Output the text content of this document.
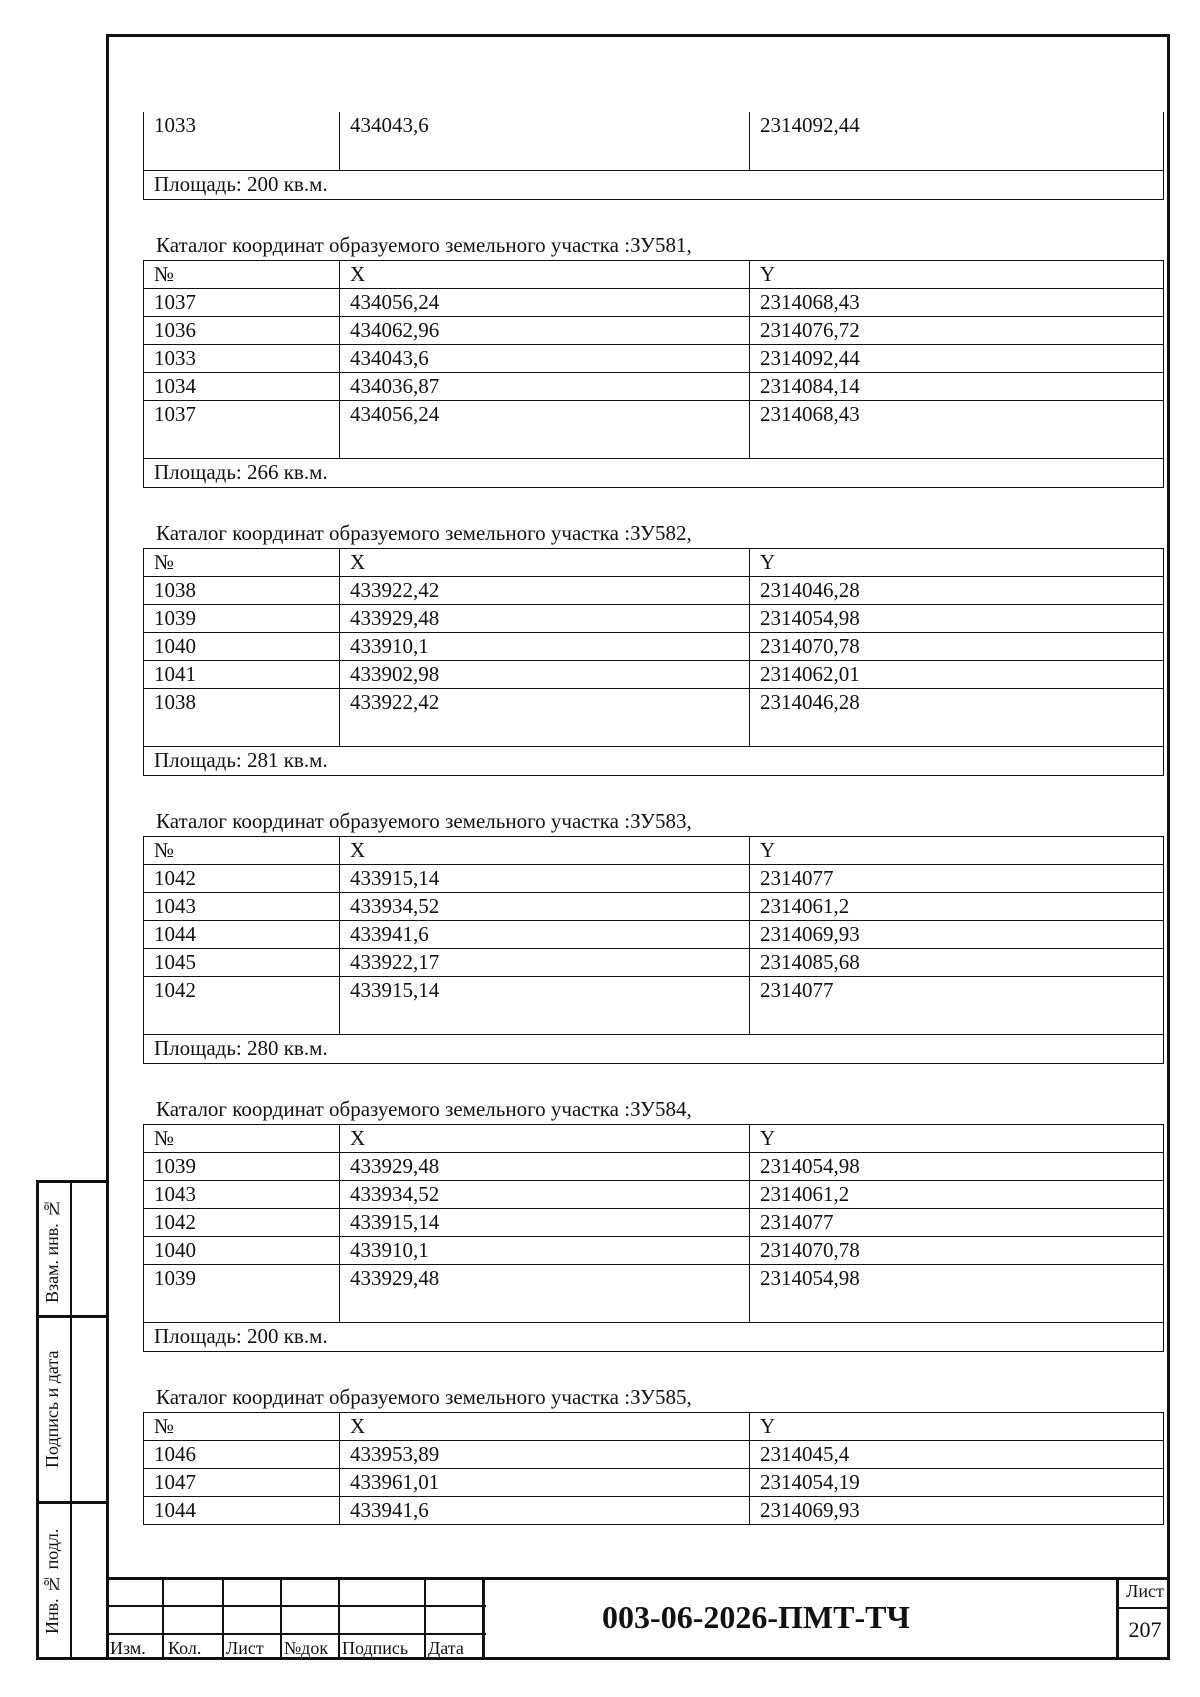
1033	434043,6	2314092,44
Площадь: 200 кв.м.
Каталог координат образуемого земельного участка :ЗУ581,
№	X	Y
1037	434056,24	2314068,43
1036	434062,96	2314076,72
1033	434043,6	2314092,44
1034	434036,87	2314084,14
1037	434056,24	2314068,43
Площадь: 266 кв.м.		
Каталог координат образуемого земельного участка :ЗУ582,
№	X	Y
1038	433922,42	2314046,28
1039	433929,48	2314054,98
1040	433910,1	2314070,78
1041	433902,98	2314062,01
1038	433922,42	2314046,28
Площадь: 281 кв.м.		
Каталог координат образуемого земельного участка :ЗУ583,
№	X	Y
1042	433915,14	2314077
1043	433934,52	2314061,2
1044	433941,6	2314069,93
1045	433922,17	2314085,68
1042	433915,14	2314077
Площадь: 280 кв.м.		
Каталог координат образуемого земельного участка :ЗУ584,
№	X	Y
1039	433929,48	2314054,98
1043	433934,52	2314061,2
1042	433915,14	2314077
1040	433910,1	2314070,78
1039	433929,48	2314054,98
Площадь: 200 кв.м.		
Каталог координат образуемого земельного участка :ЗУ585,
№	X	Y
1046	433953,89	2314045,4
1047	433961,01	2314054,19
1044	433941,6	2314069,93
Взам. инв. №
Подпись и дата
Инв. № подл.
Изм. Кол. Лист №док Подпись Дата
003-06-2026-ПМТ-ТЧ
Лист
207
